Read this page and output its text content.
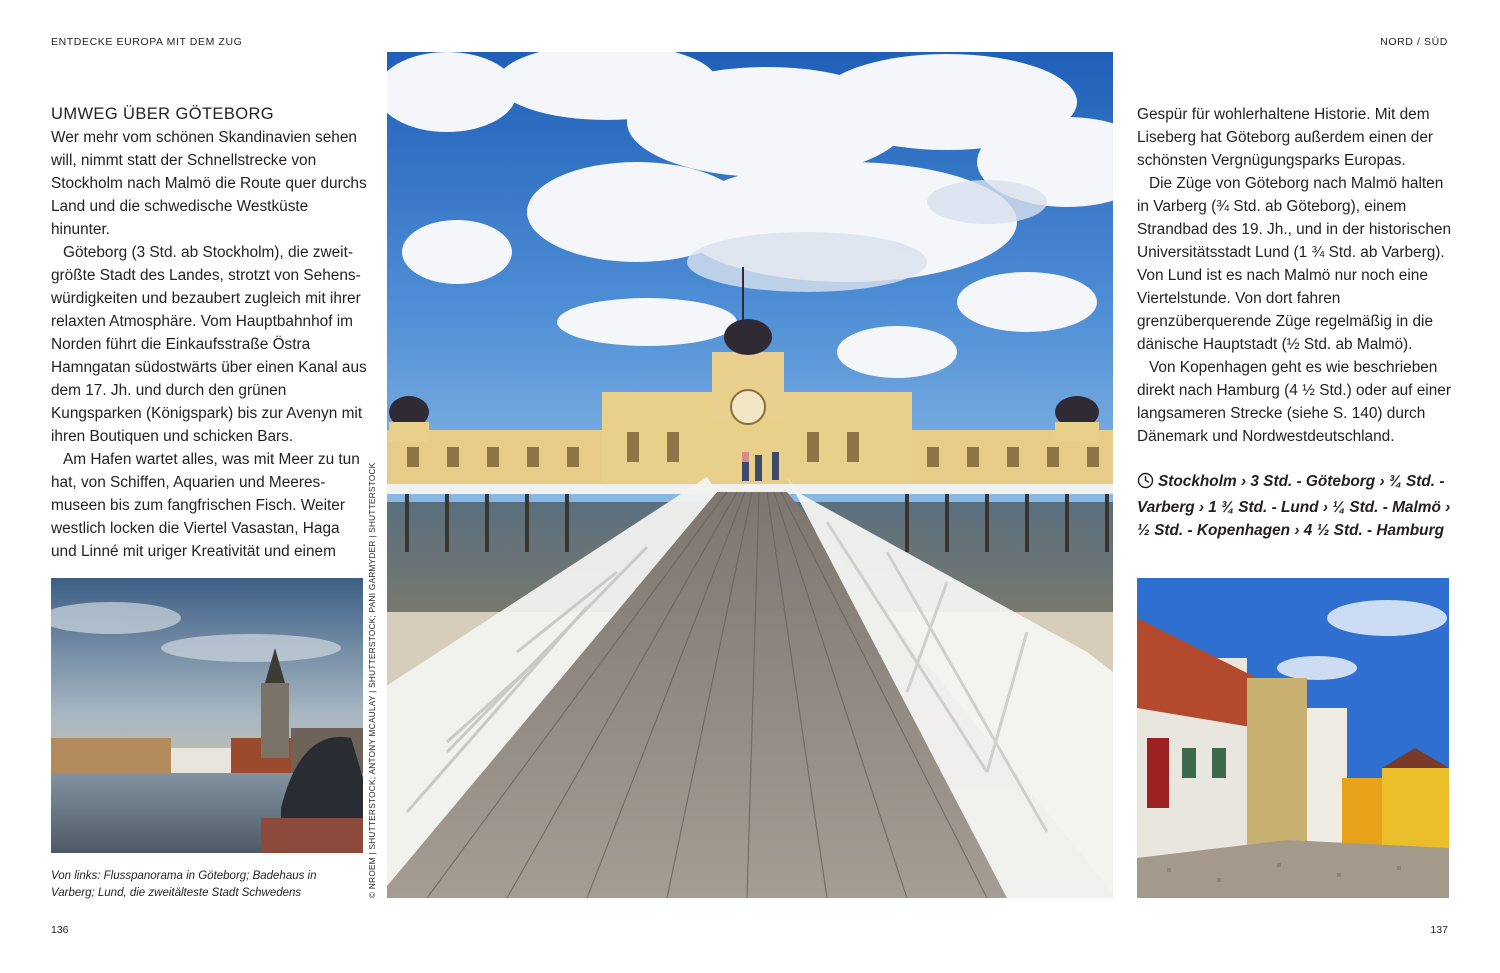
ENTDECKE EUROPA MIT DEM ZUG	NORD / SÜD
UMWEG ÜBER GÖTEBORG

Wer mehr vom schönen Skandinavien sehen will, nimmt statt der Schnellstrecke von Stockholm nach Malmö die Route quer durchs Land und die schwedische Westküste hinunter.

Göteborg (3 Std. ab Stockholm), die zweitgrößte Stadt des Landes, strotzt von Sehenswürdigkeiten und bezaubert zugleich mit ihrer relaxten Atmosphäre. Vom Hauptbahnhof im Norden führt die Einkaufsstraße Östra Hamngatan südostwärts über einen Kanal aus dem 17. Jh. und durch den grünen Kungsparken (Königspark) bis zur Avenyn mit ihren Boutiquen und schicken Bars.

Am Hafen wartet alles, was mit Meer zu tun hat, von Schiffen, Aquarien und Meeresmuseen bis zum fangfrischen Fisch. Weiter westlich locken die Viertel Vasastan, Haga und Linné mit uriger Kreativität und einem

Gespür für wohlerhaltene Historie. Mit dem Liseberg hat Göteborg außerdem einen der schönsten Vergnügungsparks Europas.

Die Züge von Göteborg nach Malmö halten in Varberg (¾ Std. ab Göteborg), einem Strandbad des 19. Jh., und in der historischen Universitätsstadt Lund (1 ¾ Std. ab Varberg). Von Lund ist es nach Malmö nur noch eine Viertelstunde. Von dort fahren grenzüberquerende Züge regelmäßig in die dänische Hauptstadt (½ Std. ab Malmö).

Von Kopenhagen geht es wie beschrieben direkt nach Hamburg (4 ½ Std.) oder auf einer langsameren Strecke (siehe S. 140) durch Dänemark und Nordwestdeutschland.

Stockholm › 3 Std. - Göteborg › ¾ Std. - Varberg › 1 ¾ Std. - Lund › ¼ Std. - Malmö › ½ Std. - Kopenhagen › 4 ½ Std. - Hamburg
© NROEM | SHUTTERSTOCK; ANTONY MCAULAY | SHUTTERSTOCK; PANI GARMYDER | SHUTTERSTOCK
Von links: Flusspanorama in Göteborg; Badehaus in Varberg; Lund, die zweitälteste Stadt Schwedens
136	137
